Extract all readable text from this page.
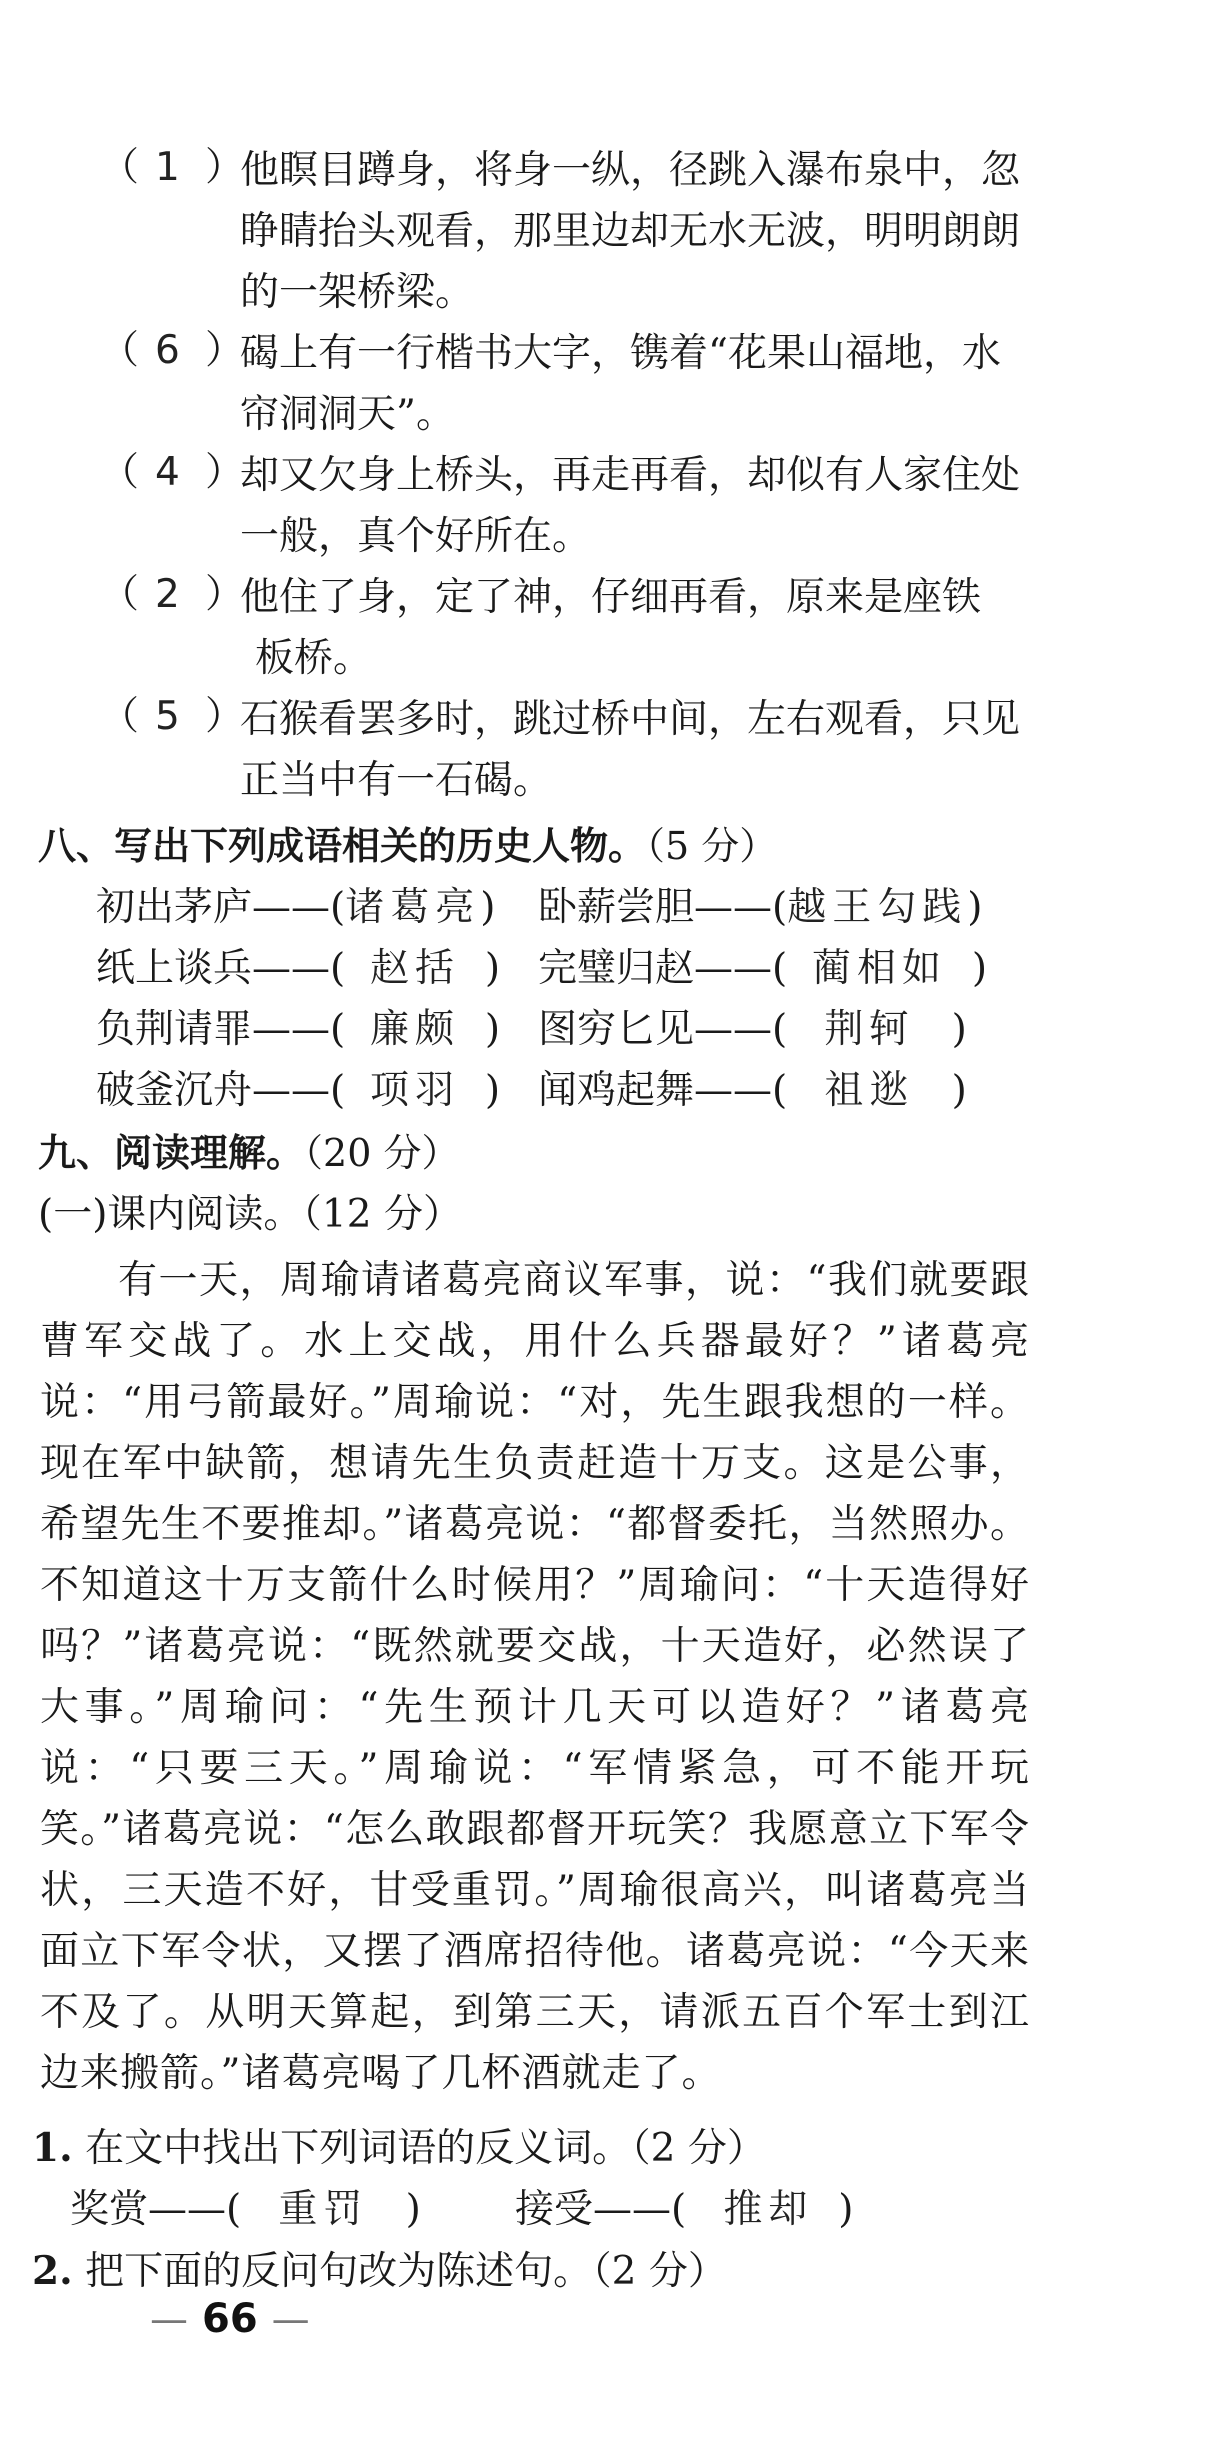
（ 1 ）
他瞑目蹲身，将身一纵，径跳入瀑布泉中，忽
睁睛抬头观看，那里边却无水无波，明明朗朗
的一架桥梁。
（ 6 ）
碣上有一行楷书大字，镌着“花果山福地，水
帘洞洞天”。
（ 4 ）
却又欠身上桥头，再走再看，却似有人家住处
一般，真个好所在。
（ 2 ）
他住了身，定了神，仔细再看，原来是座铁
板桥。
（ 5 ）
石猴看罢多时，跳过桥中间，左右观看，只见
正当中有一石碣。
八、写出下列成语相关的历史人物。（5 分）
初出茅庐——(诸葛亮) 卧薪尝胆——(越王勾践)
纸上谈兵——(  赵括  ) 完璧归赵——(  蔺相如  )
负荆请罪——(  廉颇  ) 图穷匕见——(   荆轲   )
破釜沉舟——(  项羽  ) 闻鸡起舞——(   祖逖   )
九、阅读理解。（20 分）
(一)课内阅读。（12 分）
有一天，周瑜请诸葛亮商议军事，说：“我们就要跟曹军交战了。水上交战，用什么兵器最好？”诸葛亮说：“用弓箭最好。”周瑜说：“对，先生跟我想的一样。现在军中缺箭，想请先生负责赶造十万支。这是公事，希望先生不要推却。”诸葛亮说：“都督委托，当然照办。不知道这十万支箭什么时候用？”周瑜问：“十天造得好吗？”诸葛亮说：“既然就要交战，十天造好，必然误了大事。”周瑜问：“先生预计几天可以造好？”诸葛亮说：“只要三天。”周瑜说：“军情紧急，可不能开玩笑。”诸葛亮说：“怎么敢跟都督开玩笑？我愿意立下军令状，三天造不好，甘受重罚。”周瑜很高兴，叫诸葛亮当面立下军令状，又摆了酒席招待他。诸葛亮说：“今天来不及了。从明天算起，到第三天，请派五百个军士到江边来搬箭。”诸葛亮喝了几杯酒就走了。
1. 在文中找出下列词语的反义词。（2 分）
奖赏——(   重罚   ) 接受——(   推却  )
2. 把下面的反问句改为陈述句。（2 分）
— 66 —
